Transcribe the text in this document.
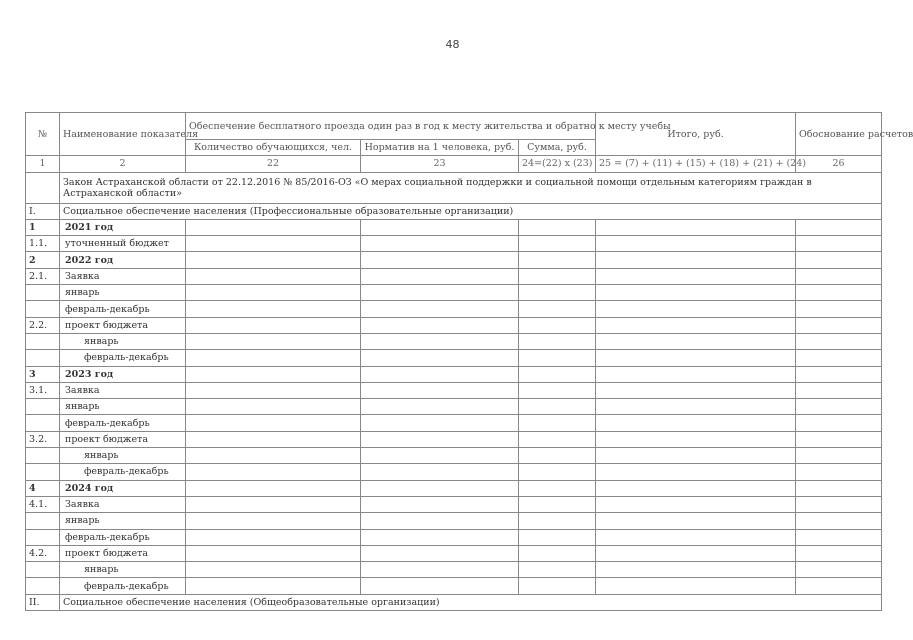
48
№	Наименование показателя	Обеспечение бесплатного проезда один раз в год к месту жительства и обратно к месту учебы			Итого, руб.	Обоснование расчетов
		Количество обучающихся, чел.	Норматив на 1 человека, руб.	Сумма, руб.		
1	2	22	23	24=(22) x (23)	25 = (7) + (11) + (15) + (18) + (21) + (24)	26
	Закон Астраханской области от 22.12.2016 № 85/2016-ОЗ «О мерах социальной поддержки и социальной помощи отдельным категориям граждан в Астраханской области»					
I.	Социальное обеспечение населения (Профессиональные образовательные организации)					
1	2021 год					
1.1.	уточненный бюджет					
2	2022 год					
2.1.	Заявка					
	январь					
	февраль-декабрь					
2.2.	проект бюджета					
	январь					
	февраль-декабрь					
3	2023 год					
3.1.	Заявка					
	январь					
	февраль-декабрь					
3.2.	проект бюджета					
	январь					
	февраль-декабрь					
4	2024 год					
4.1.	Заявка					
	январь					
	февраль-декабрь					
4.2.	проект бюджета					
	январь					
	февраль-декабрь					
II.	Социальное обеспечение населения (Общеобразовательные организации)					
